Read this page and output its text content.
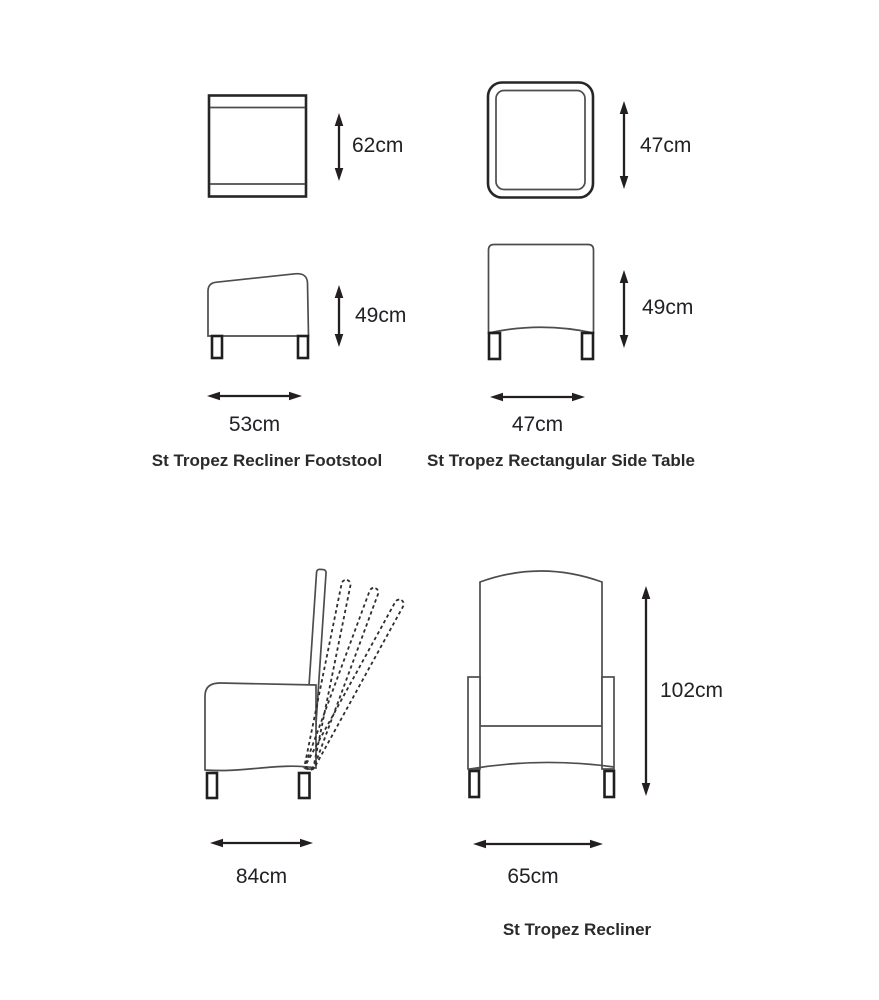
62cm	47cm
49cm	49cm
53cm	47cm
102cm
84cm	65cm
St Tropez Recliner Footstool	St Tropez Rectangular Side Table
St Tropez Recliner
